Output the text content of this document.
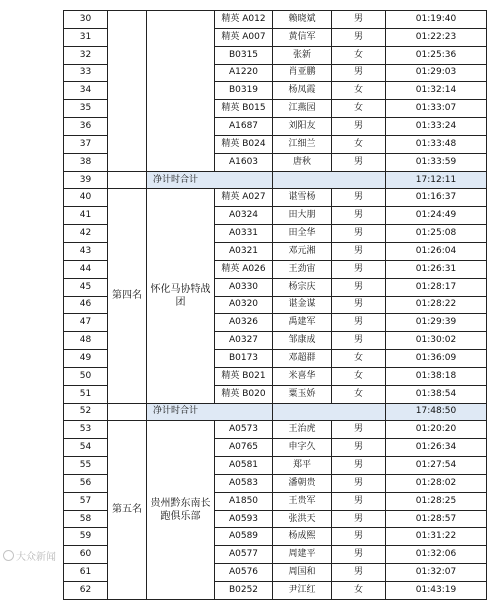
30			精英 A012	赖晓斌	男	01:19:40
31			精英 A007	黄信军	男	01:22:23
32			B0315	张新	女	01:25:36
33			A1220	肖亚鹏	男	01:29:03
34			B0319	杨凤霞	女	01:32:14
35			精英 B015	江燕园	女	01:33:07
36			A1687	刘阳友	男	01:33:24
37			精英 B024	江细兰	女	01:33:48
38			A1603	唐秋	男	01:33:59
39		净计时合计				17:12:11
40	第四名	怀化马协特战团	精英 A027	谌雪杨	男	01:16:37
41			A0324	田大朋	男	01:24:49
42			A0331	田全华	男	01:25:08
43			A0321	邓元湘	男	01:26:04
44			精英 A026	王劲宙	男	01:26:31
45			A0330	杨宗庆	男	01:28:17
46			A0320	谌金谋	男	01:28:22
47			A0326	禹建军	男	01:29:39
48			A0327	邹康成	男	01:30:02
49			B0173	邓超群	女	01:36:09
50			精英 B021	米喜华	女	01:38:18
51			精英 B020	粟玉娇	女	01:38:54
52		净计时合计				17:48:50
53	第五名	贵州黔东南长跑俱乐部	A0573	王治虎	男	01:20:20
54			A0765	申字久	男	01:26:34
55			A0581	郑平	男	01:27:54
56			A0583	潘朝贵	男	01:28:02
57			A1850	王贵军	男	01:28:25
58			A0593	张洪天	男	01:28:57
59			A0589	杨成熙	男	01:31:22
60			A0577	周建平	男	01:32:06
61			A0576	周国和	男	01:32:07
62			B0252	尹江红	女	01:43:19
大众新闻
